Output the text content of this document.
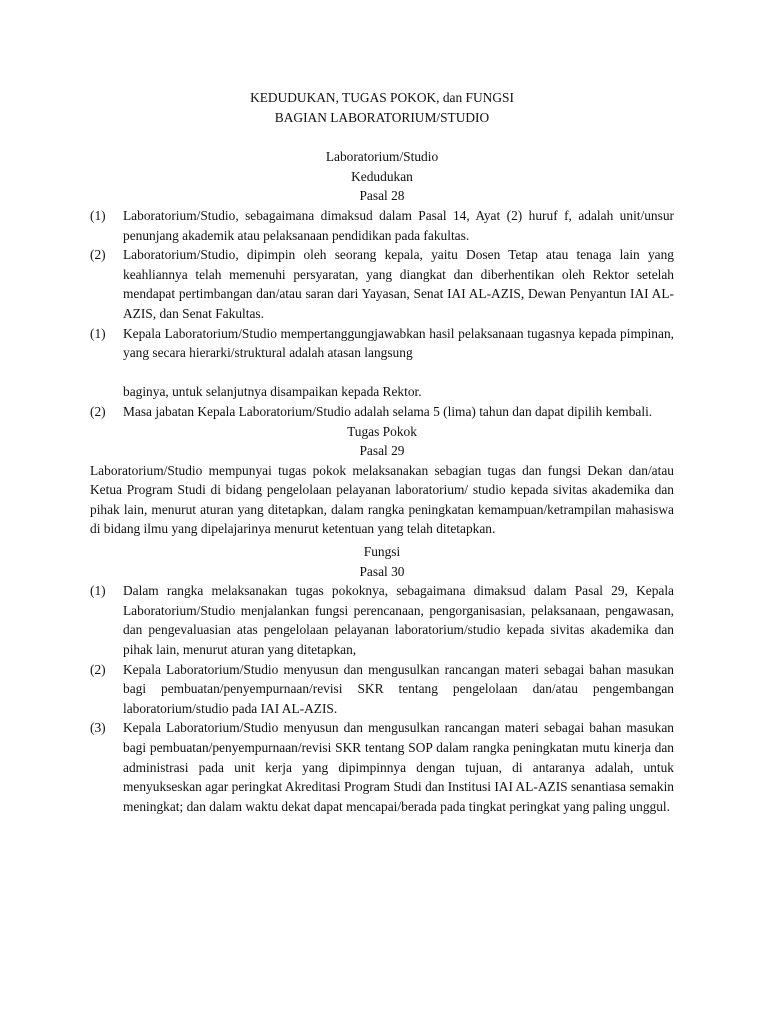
KEDUDUKAN, TUGAS POKOK, dan FUNGSI
BAGIAN LABORATORIUM/STUDIO
Laboratorium/Studio
Kedudukan
Pasal 28
(1) Laboratorium/Studio, sebagaimana dimaksud dalam Pasal 14, Ayat (2) huruf f, adalah unit/unsur penunjang akademik atau pelaksanaan pendidikan pada fakultas.
(2) Laboratorium/Studio, dipimpin oleh seorang kepala, yaitu Dosen Tetap atau tenaga lain yang keahliannya telah memenuhi persyaratan, yang diangkat dan diberhentikan oleh Rektor setelah mendapat pertimbangan dan/atau saran dari Yayasan, Senat IAI AL-AZIS, Dewan Penyantun IAI AL-AZIS, dan Senat Fakultas.
(1) Kepala Laboratorium/Studio mempertanggungjawabkan hasil pelaksanaan tugasnya kepada pimpinan, yang secara hierarki/struktural adalah atasan langsung
baginya, untuk selanjutnya disampaikan kepada Rektor.
(2) Masa jabatan Kepala Laboratorium/Studio adalah selama 5 (lima) tahun dan dapat dipilih kembali.
Tugas Pokok
Pasal 29

Laboratorium/Studio mempunyai tugas pokok melaksanakan sebagian tugas dan fungsi Dekan dan/atau Ketua Program Studi di bidang pengelolaan pelayanan laboratorium/ studio kepada sivitas akademika dan pihak lain, menurut aturan yang ditetapkan, dalam rangka peningkatan kemampuan/ketrampilan mahasiswa di bidang ilmu yang dipelajarinya menurut ketentuan yang telah ditetapkan.

Fungsi
Pasal 30
(1) Dalam rangka melaksanakan tugas pokoknya, sebagaimana dimaksud dalam Pasal 29, Kepala Laboratorium/Studio menjalankan fungsi perencanaan, pengorganisasian, pelaksanaan, pengawasan, dan pengevaluasian atas pengelolaan pelayanan laboratorium/studio kepada sivitas akademika dan pihak lain, menurut aturan yang ditetapkan,
(2) Kepala Laboratorium/Studio menyusun dan mengusulkan rancangan materi sebagai bahan masukan bagi pembuatan/penyempurnaan/revisi SKR tentang pengelolaan dan/atau pengembangan laboratorium/studio pada IAI AL-AZIS.
(3) Kepala Laboratorium/Studio menyusun dan mengusulkan rancangan materi sebagai bahan masukan bagi pembuatan/penyempurnaan/revisi SKR tentang SOP dalam rangka peningkatan mutu kinerja dan administrasi pada unit kerja yang dipimpinnya dengan tujuan, di antaranya adalah, untuk menyukseskan agar peringkat Akreditasi Program Studi dan Institusi IAI AL-AZIS senantiasa semakin meningkat; dan dalam waktu dekat dapat mencapai/berada pada tingkat peringkat yang paling unggul.
